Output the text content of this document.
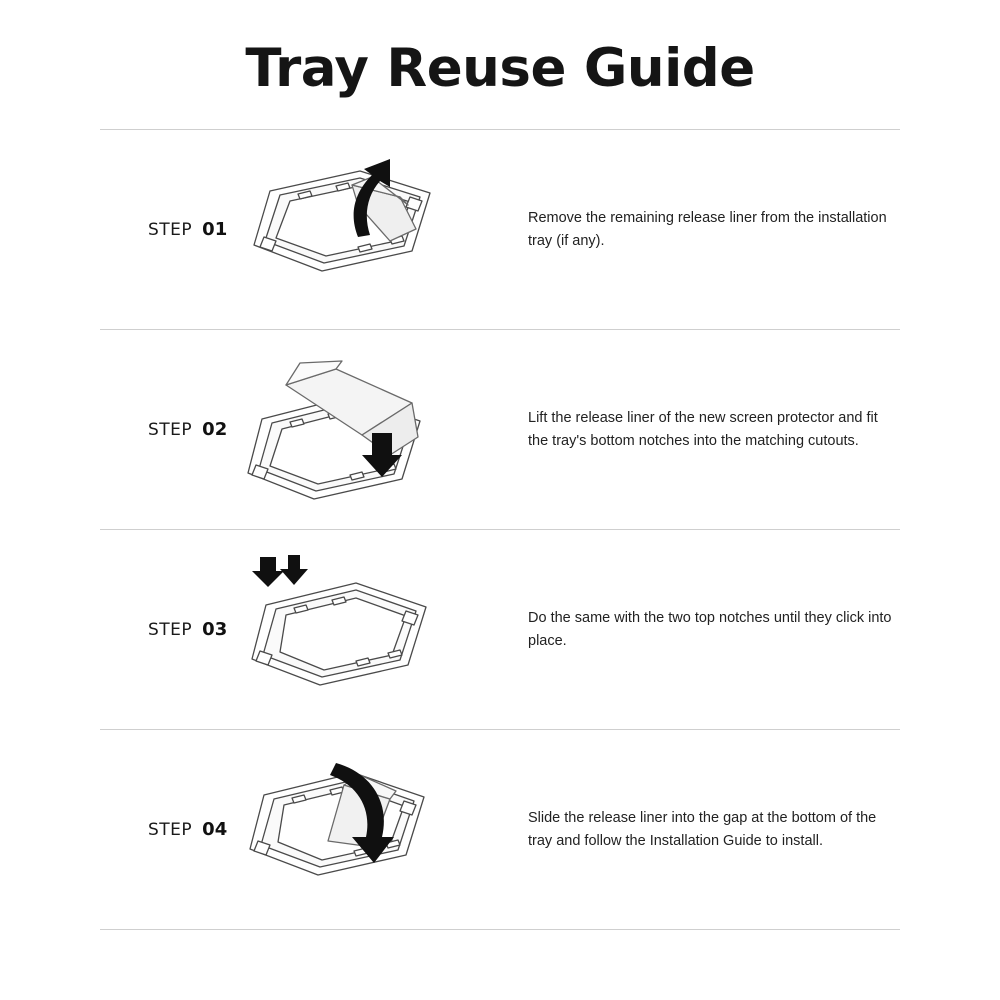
Tray Reuse Guide
STEP 01

Remove the remaining release liner from the installation tray (if any).

STEP 02

Lift the release liner of the new screen protector and fit the tray's bottom notches into the matching cutouts.

STEP 03

Do the same with the two top notches until they click into place.

STEP 04

Slide the release liner into the gap at the bottom of the tray and follow the Installation Guide to install.
